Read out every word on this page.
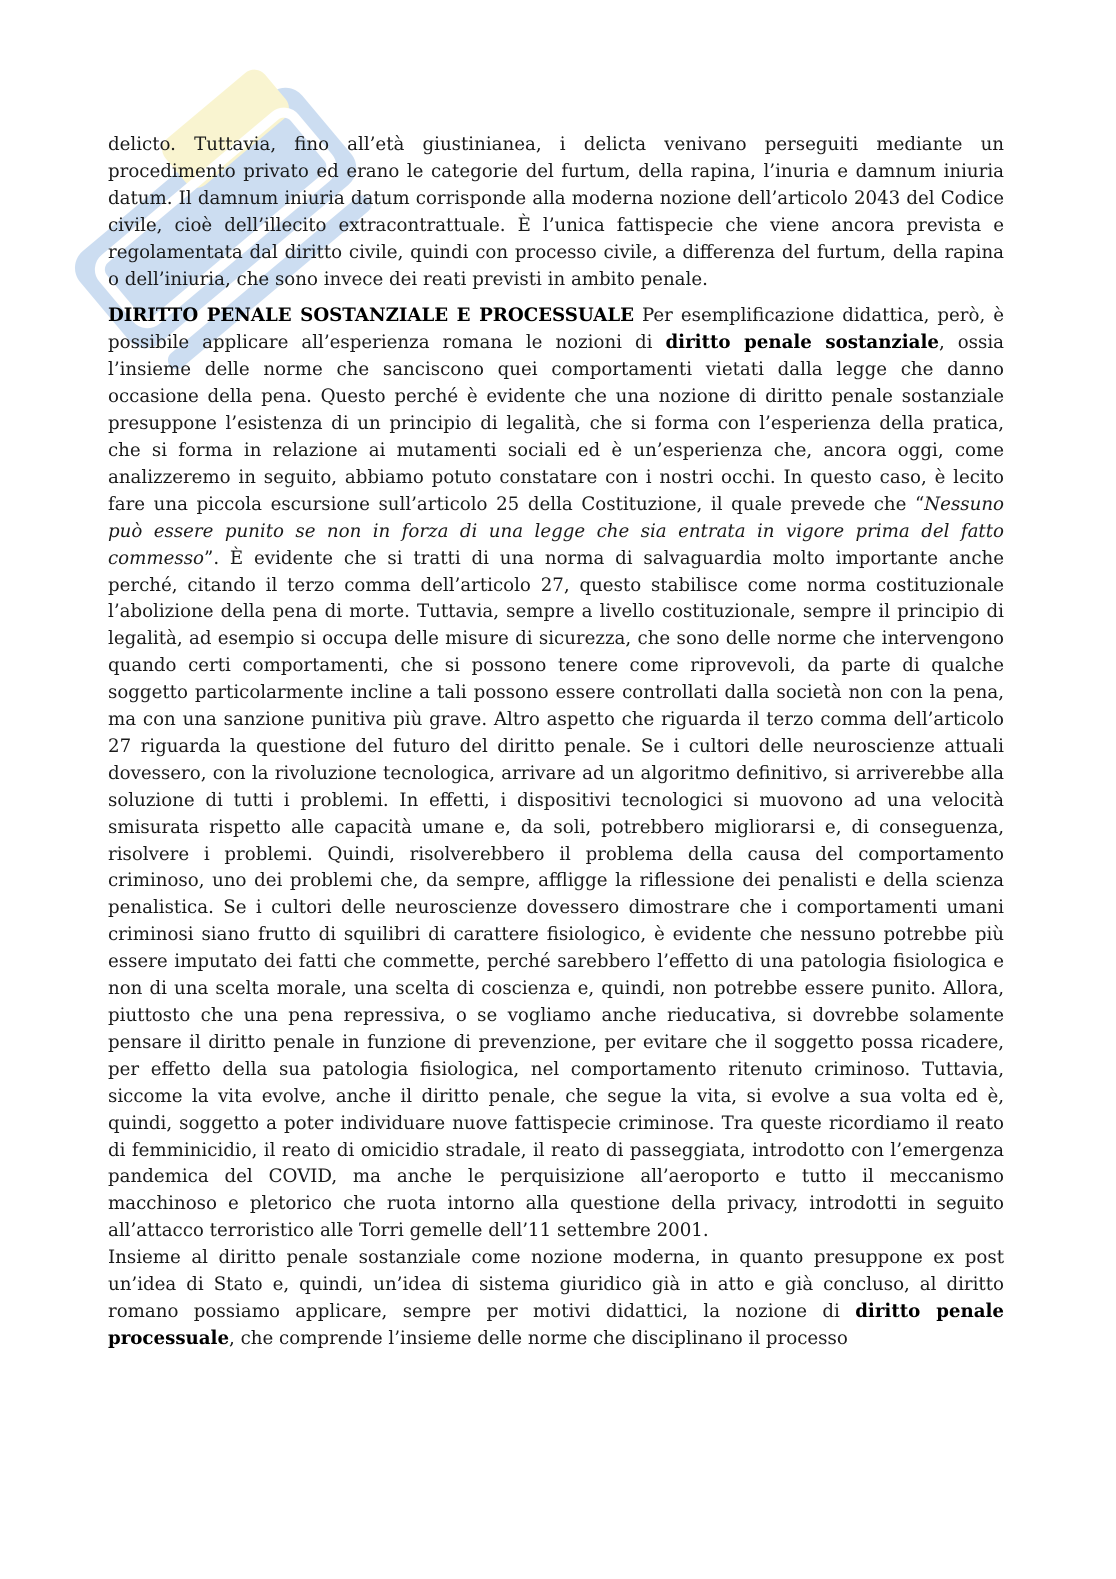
delicto. Tuttavia, fino all’età giustinianea, i delicta venivano perseguiti mediante un procedimento privato ed erano le categorie del furtum, della rapina, l’inuria e damnum iniuria datum. Il damnum iniuria datum corrisponde alla moderna nozione dell’articolo 2043 del Codice civile, cioè dell’illecito extracontrattuale. È l’unica fattispecie che viene ancora prevista e regolamentata dal diritto civile, quindi con processo civile, a differenza del furtum, della rapina o dell’iniuria, che sono invece dei reati previsti in ambito penale.

DIRITTO PENALE SOSTANZIALE E PROCESSUALE Per esemplificazione didattica, però, è possibile applicare all’esperienza romana le nozioni di diritto penale sostanziale, ossia l’insieme delle norme che sanciscono quei comportamenti vietati dalla legge che danno occasione della pena. Questo perché è evidente che una nozione di diritto penale sostanziale presuppone l’esistenza di un principio di legalità, che si forma con l’esperienza della pratica, che si forma in relazione ai mutamenti sociali ed è un’esperienza che, ancora oggi, come analizzeremo in seguito, abbiamo potuto constatare con i nostri occhi. In questo caso, è lecito fare una piccola escursione sull’articolo 25 della Costituzione, il quale prevede che “Nessuno può essere punito se non in forza di una legge che sia entrata in vigore prima del fatto commesso”. È evidente che si tratti di una norma di salvaguardia molto importante anche perché, citando il terzo comma dell’articolo 27, questo stabilisce come norma costituzionale l’abolizione della pena di morte. Tuttavia, sempre a livello costituzionale, sempre il principio di legalità, ad esempio si occupa delle misure di sicurezza, che sono delle norme che intervengono quando certi comportamenti, che si possono tenere come riprovevoli, da parte di qualche soggetto particolarmente incline a tali possono essere controllati dalla società non con la pena, ma con una sanzione punitiva più grave. Altro aspetto che riguarda il terzo comma dell’articolo 27 riguarda la questione del futuro del diritto penale. Se i cultori delle neuroscienze attuali dovessero, con la rivoluzione tecnologica, arrivare ad un algoritmo definitivo, si arriverebbe alla soluzione di tutti i problemi. In effetti, i dispositivi tecnologici si muovono ad una velocità smisurata rispetto alle capacità umane e, da soli, potrebbero migliorarsi e, di conseguenza, risolvere i problemi. Quindi, risolverebbero il problema della causa del comportamento criminoso, uno dei problemi che, da sempre, affligge la riflessione dei penalisti e della scienza penalistica. Se i cultori delle neuroscienze dovessero dimostrare che i comportamenti umani criminosi siano frutto di squilibri di carattere fisiologico, è evidente che nessuno potrebbe più essere imputato dei fatti che commette, perché sarebbero l’effetto di una patologia fisiologica e non di una scelta morale, una scelta di coscienza e, quindi, non potrebbe essere punito. Allora, piuttosto che una pena repressiva, o se vogliamo anche rieducativa, si dovrebbe solamente pensare il diritto penale in funzione di prevenzione, per evitare che il soggetto possa ricadere, per effetto della sua patologia fisiologica, nel comportamento ritenuto criminoso. Tuttavia, siccome la vita evolve, anche il diritto penale, che segue la vita, si evolve a sua volta ed è, quindi, soggetto a poter individuare nuove fattispecie criminose. Tra queste ricordiamo il reato di femminicidio, il reato di omicidio stradale, il reato di passeggiata, introdotto con l’emergenza pandemica del COVID, ma anche le perquisizione all’aeroporto e tutto il meccanismo macchinoso e pletorico che ruota intorno alla questione della privacy, introdotti in seguito all’attacco terroristico alle Torri gemelle dell’11 settembre 2001.

Insieme al diritto penale sostanziale come nozione moderna, in quanto presuppone ex post un’idea di Stato e, quindi, un’idea di sistema giuridico già in atto e già concluso, al diritto romano possiamo applicare, sempre per motivi didattici, la nozione di diritto penale processuale, che comprende l’insieme delle norme che disciplinano il processo
